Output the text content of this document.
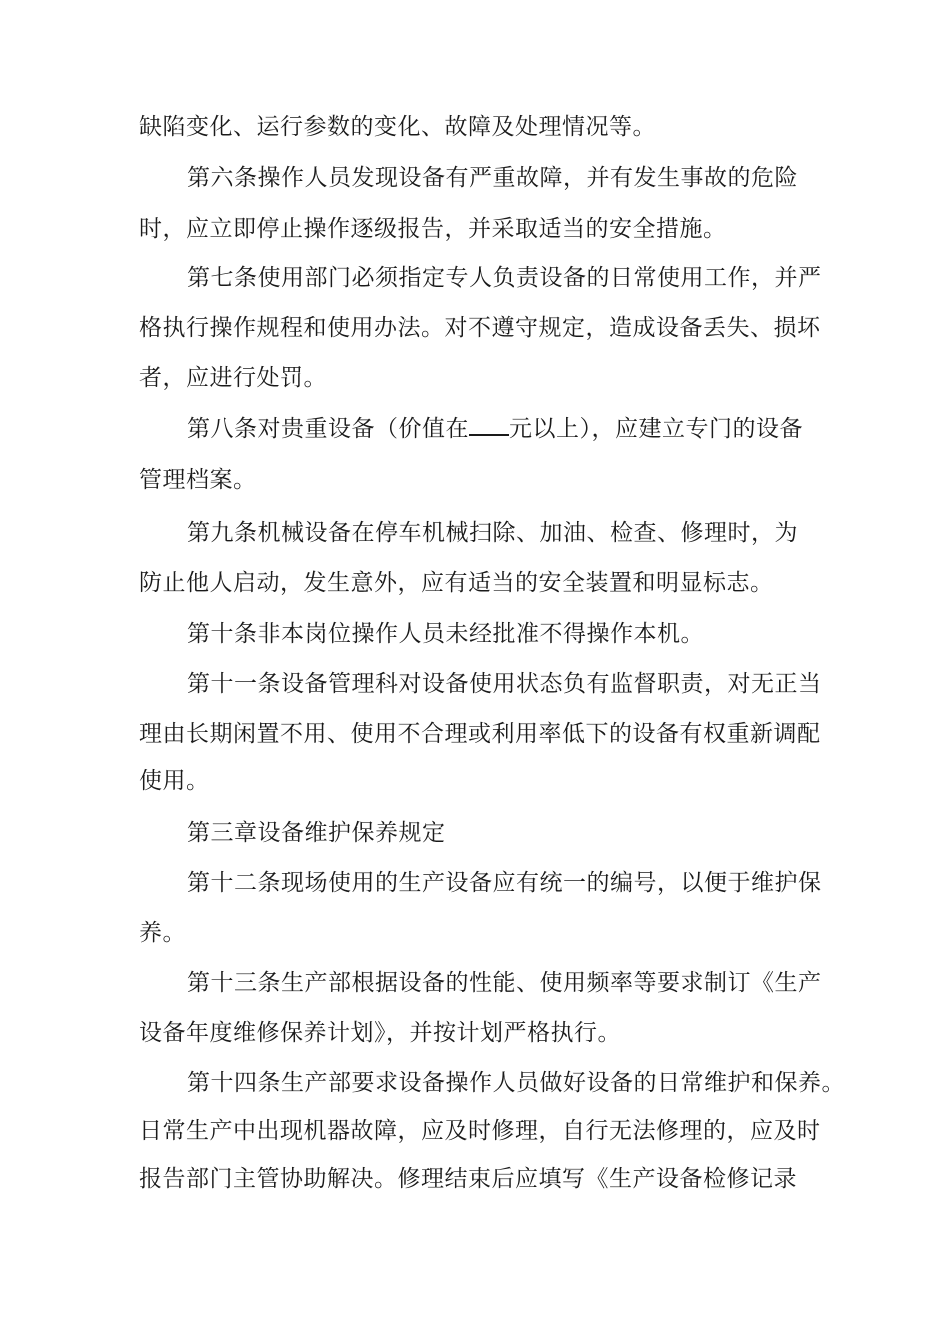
缺陷变化、运行参数的变化、故障及处理情况等。
第六条操作人员发现设备有严重故障，并有发生事故的危险
时，应立即停止操作逐级报告，并采取适当的安全措施。
第七条使用部门必须指定专人负责设备的日常使用工作，并严
格执行操作规程和使用办法。对不遵守规定，造成设备丢失、损坏
者，应进行处罚。
第八条对贵重设备（价值在 元以上），应建立专门的设备
管理档案。
第九条机械设备在停车机械扫除、加油、检查、修理时，为
防止他人启动，发生意外，应有适当的安全装置和明显标志。
第十条非本岗位操作人员未经批准不得操作本机。
第十一条设备管理科对设备使用状态负有监督职责，对无正当
理由长期闲置不用、使用不合理或利用率低下的设备有权重新调配
使用。
第三章设备维护保养规定
第十二条现场使用的生产设备应有统一的编号，以便于维护保
养。
第十三条生产部根据设备的性能、使用频率等要求制订《生产
设备年度维修保养计划》，并按计划严格执行。
第十四条生产部要求设备操作人员做好设备的日常维护和保养。
日常生产中出现机器故障，应及时修理，自行无法修理的，应及时
报告部门主管协助解决。修理结束后应填写《生产设备检修记录
